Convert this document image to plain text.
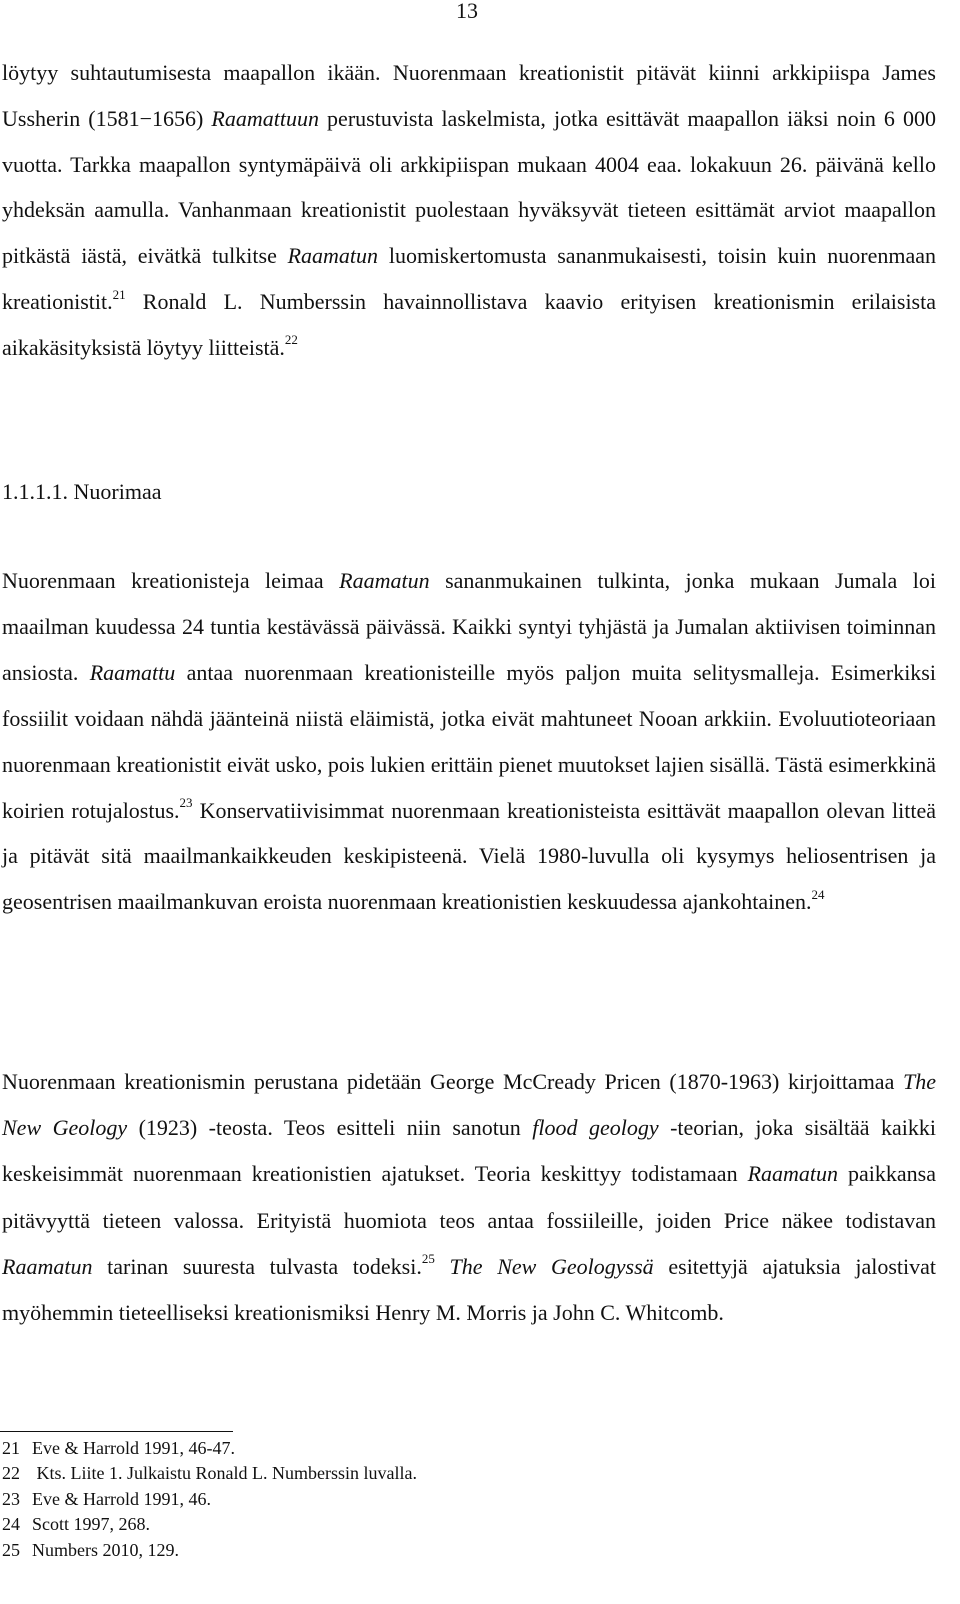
13

löytyy suhtautumisesta maapallon ikään. Nuorenmaan kreationistit pitävät kiinni arkkipiispa James Ussherin (1581−1656) Raamattuun perustuvista laskelmista, jotka esittävät maapallon iäksi noin 6 000 vuotta. Tarkka maapallon syntymäpäivä oli arkkipiispan mukaan 4004 eaa. lokakuun 26. päivänä kello yhdeksän aamulla. Vanhanmaan kreationistit puolestaan hyväksyvät tieteen esittämät arviot maapallon pitkästä iästä, eivätkä tulkitse Raamatun luomiskertomusta sananmukaisesti, toisin kuin nuorenmaan kreationistit.$^{21}$ Ronald L. Numberssin havainnollistava kaavio erityisen kreationismin erilaisista aikakäsityksistä löytyy liitteistä.$^{22}$

1.1.1.1. Nuorimaa

Nuorenmaan kreationisteja leimaa Raamatun sananmukainen tulkinta, jonka mukaan Jumala loi maailman kuudessa 24 tuntia kestävässä päivässä. Kaikki syntyi tyhjästä ja Jumalan aktiivisen toiminnan ansiosta. Raamattu antaa nuorenmaan kreationisteille myös paljon muita selitysmalleja. Esimerkiksi fossiilit voidaan nähdä jäänteinä niistä eläimistä, jotka eivät mahtuneet Nooan arkkiin. Evoluutioteoriaan nuorenmaan kreationistit eivät usko, pois lukien erittäin pienet muutokset lajien sisällä. Tästä esimerkkinä koirien rotujalostus.$^{23}$ Konservatiivisimmat nuorenmaan kreationisteista esittävät maapallon olevan litteä ja pitävät sitä maailmankaikkeuden keskipisteenä. Vielä 1980-luvulla oli kysymys heliosentrisen ja geosentrisen maailmankuvan eroista nuorenmaan kreationistien keskuudessa ajankohtainen.$^{24}$

Nuorenmaan kreationismin perustana pidetään George McCready Pricen (1870-1963) kirjoittamaa The New Geology (1923) -teosta. Teos esitteli niin sanotun flood geology -teorian, joka sisältää kaikki keskeisimmät nuorenmaan kreationistien ajatukset. Teoria keskittyy todistamaan Raamatun paikkansa pitävyyttä tieteen valossa. Erityistä huomiota teos antaa fossiileille, joiden Price näkee todistavan Raamatun tarinan suuresta tulvasta todeksi.$^{25}$ The New Geologyssä esitettyjä ajatuksia jalostivat myöhemmin tieteelliseksi kreationismiksi Henry M. Morris ja John C. Whitcomb.

21 Eve & Harrold 1991, 46-47.
22 Kts. Liite 1. Julkaistu Ronald L. Numberssin luvalla.
23 Eve & Harrold 1991, 46.
24 Scott 1997, 268.
25 Numbers 2010, 129.
